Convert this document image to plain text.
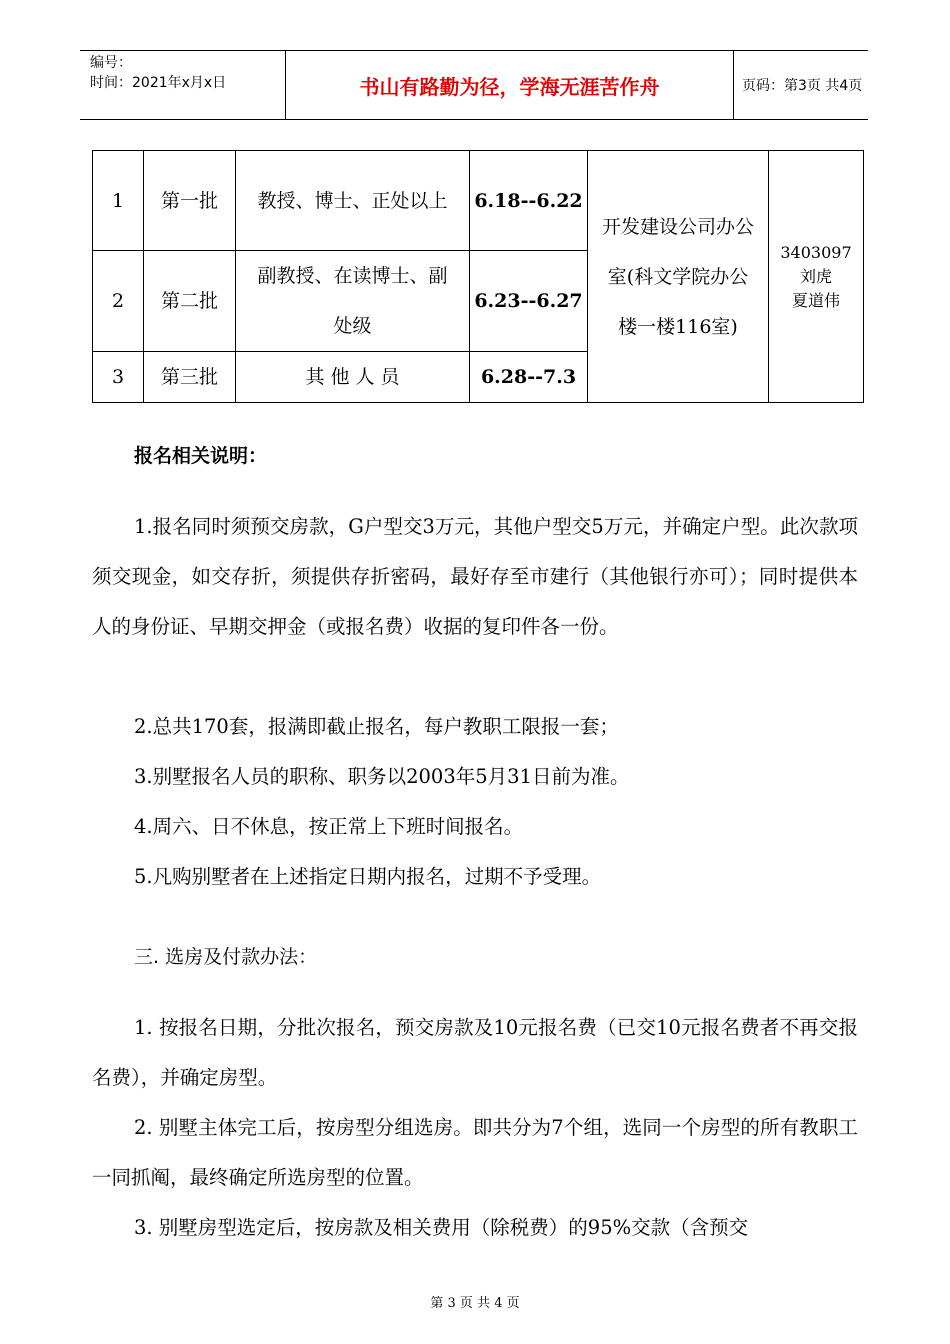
编号：
时间：2021年x月x日	书山有路勤为径，学海无涯苦作舟	页码：第3页 共4页
1	第一批	教授、博士、正处以上	6.18--6.22	开发建设公司办公室(科文学院办公楼一楼116室)	3403097
刘虎
夏道伟

2	第二批	副教授、在读博士、副处级	6.23--6.27		
3	第三批	其 他 人 员	6.28--7.3		
报名相关说明：
1.报名同时须预交房款，G户型交3万元，其他户型交5万元，并确定户型。此次款项须交现金，如交存折，须提供存折密码，最好存至市建行（其他银行亦可）；同时提供本人的身份证、早期交押金（或报名费）收据的复印件各一份。
2.总共170套，报满即截止报名，每户教职工限报一套；
3.别墅报名人员的职称、职务以2003年5月31日前为准。
4.周六、日不休息，按正常上下班时间报名。
5.凡购别墅者在上述指定日期内报名，过期不予受理。
三. 选房及付款办法：
1. 按报名日期，分批次报名，预交房款及10元报名费（已交10元报名费者不再交报名费），并确定房型。
2. 别墅主体完工后，按房型分组选房。即共分为7个组，选同一个房型的所有教职工一同抓阄，最终确定所选房型的位置。
3. 别墅房型选定后，按房款及相关费用（除税费）的95%交款（含预交
第 3 页 共 4 页
